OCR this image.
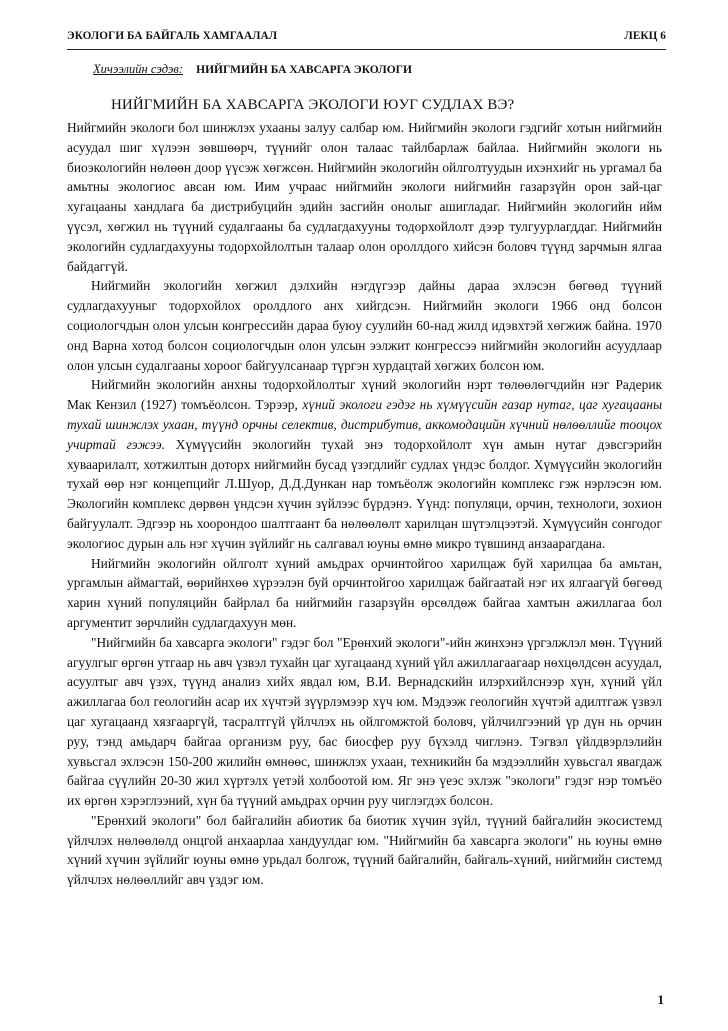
ЭКОЛОГИ БА БАЙГАЛЬ ХАМГААЛАЛ	ЛЕКЦ 6
Хичээлийн сэдэв: НИЙГМИЙН БА ХАВСАРГА ЭКОЛОГИ
НИЙГМИЙН БА ХАВСАРГА ЭКОЛОГИ ЮУГ СУДЛАХ ВЭ?

Нийгмийн экологи бол шинжлэх ухааны залуу салбар юм. Нийгмийн экологи гэдгийг хотын нийгмийн асуудал шиг хүлээн зөвшөөрч, түүнийг олон талаас тайлбарлаж байлаа. Нийгмийн экологи нь биоэкологийн нөлөөн доор үүсэж хөгжсөн. Нийгмийн экологийн ойлголтуудын ихэнхийг нь ургамал ба амьтны экологиос авсан юм. Иим учраас нийгмийн экологи нийгмийн газарзүйн орон зай-цаг хугацааны хандлага ба дистрибуцийн эдийн засгийн онолыг ашигладаг. Нийгмийн экологийн ийм үүсэл, хөгжил нь түүний судалгааны ба судлагдахууны тодорхойлолт дээр тулгуурлагддаг. Нийгмийн экологийн судлагдахууны тодорхойлолтын талаар олон ороллдого хийсэн боловч түүнд зарчмын ялгаа байдаггүй.

Нийгмийн экологийн хөгжил дэлхийн нэгдүгээр дайны дараа эхлэсэн бөгөөд түүний судлагдахууныг тодорхойлох оролдлого анх хийгдсэн. Нийгмийн экологи 1966 онд болсон социологчдын олон улсын конгрессийн дараа буюу суулийн 60-над жилд идэвхтэй хөгжиж байна. 1970 онд Варна хотод болсон социологчдын олон улсын ээлжит конгрессээ нийгмийн экологийн асуудлаар олон улсын судалгааны хороог байгуулсанаар түргэн хурдацтай хөгжих болсон юм.

Нийгмийн экологийн анхны тодорхойлолтыг хүний экологийн нэрт төлөөлөгчдийн нэг Радерик Мак Кензил (1927) томъёолсон. Тэрээр, хүний экологи гэдэг нь хүмүүсийн газар нутаг, цаг хугацааны тухай шинжлэх ухаан, түүнд орчны селектив, дистрибутив, аккомодацийн хүчний нөлөөллийг тооцох учиртай гэжээ. Хүмүүсийн экологийн тухай энэ тодорхойлолт хүн амын нутаг дэвсгэрийн хуваарилалт, хотжилтын доторх нийгмийн бусад үзэгдлийг судлах үндэс болдог. Хүмүүсийн экологийн тухай өөр нэг концепцийг Л.Шуор, Д.Д.Дункан нар томъёолж экологийн комплекс гэж нэрлэсэн юм. Экологийн комплекс дөрвөн үндсэн хүчин зүйлээс бүрдэнэ. Үүнд: популяци, орчин, технологи, зохион байгуулалт. Эдгээр нь хоорондоо шалтгаант ба нөлөөлөлт харилцан шүтэлцээтэй. Хүмүүсийн сонгодог экологиос дурын аль нэг хүчин зүйлийг нь салгавал юуны өмнө микро түвшинд анзаарагдана.

Нийгмийн экологийн ойлголт хүний амьдрах орчинтойгоо харилцаж буй харилцаа ба амьтан, ургамлын аймагтай, өөрийнхөө хүрээлэн буй орчинтойгоо харилцаж байгаатай нэг их ялгаагүй бөгөөд харин хүний популяцийн байрлал ба нийгмийн газарзүйн өрсөлдөж байгаа хамтын ажиллагаа бол аргументит зөрчлийн судлагдахуун мөн.

"Нийгмийн ба хавсарга экологи" гэдэг бол "Ерөнхий экологи"-ийн жинхэнэ үргэлжлэл мөн. Түүний агуулгыг өргөн утгаар нь авч үзвэл тухайн цаг хугацаанд хүний үйл ажиллагаагаар нөхцөлдсөн асуудал, асуултыг авч үзэх, түүнд анализ хийх явдал юм, В.И. Вернадскийн илэрхийлснээр хүн, хүний үйл ажиллагаа бол геологийн асар их хүчтэй зүүрлэмээр хүч юм. Мэдээж геологийн хүчтэй адилтгаж үзвэл цаг хугацаанд хязгааргүй, тасралтгүй үйлчлэх нь ойлгомжтой боловч, үйлчилгээний үр дүн нь орчин руу, тэнд амьдарч байгаа организм руу, бас биосфер руу бүхэлд чиглэнэ. Тэгвэл үйлдвэрлэлийн хувьсгал эхлэсэн 150-200 жилийн өмнөөс, шинжлэх ухаан, техникийн ба мэдээллийн хувьсгал явагдаж байгаа сүүлийн 20-30 жил хүртэлх үетэй холбоотой юм. Яг энэ үеэс эхлэж "экологи" гэдэг нэр томъёо их өргөн хэрэглээний, хүн ба түүний амьдрах орчин руу чиглэгдэх болсон.

"Ерөнхий экологи" бол байгалийн абиотик ба биотик хүчин зүйл, түүний байгалийн экосистемд үйлчлэх нөлөөлөлд онцгой анхаарлаа хандуулдаг юм. "Нийгмийн ба хавсарга экологи" нь юуны өмнө хүний хүчин зүйлийг юуны өмнө урьдал болгож, түүний байгалийн, байгаль-хүний, нийгмийн системд үйлчлэх нөлөөллийг авч үздэг юм.

1
